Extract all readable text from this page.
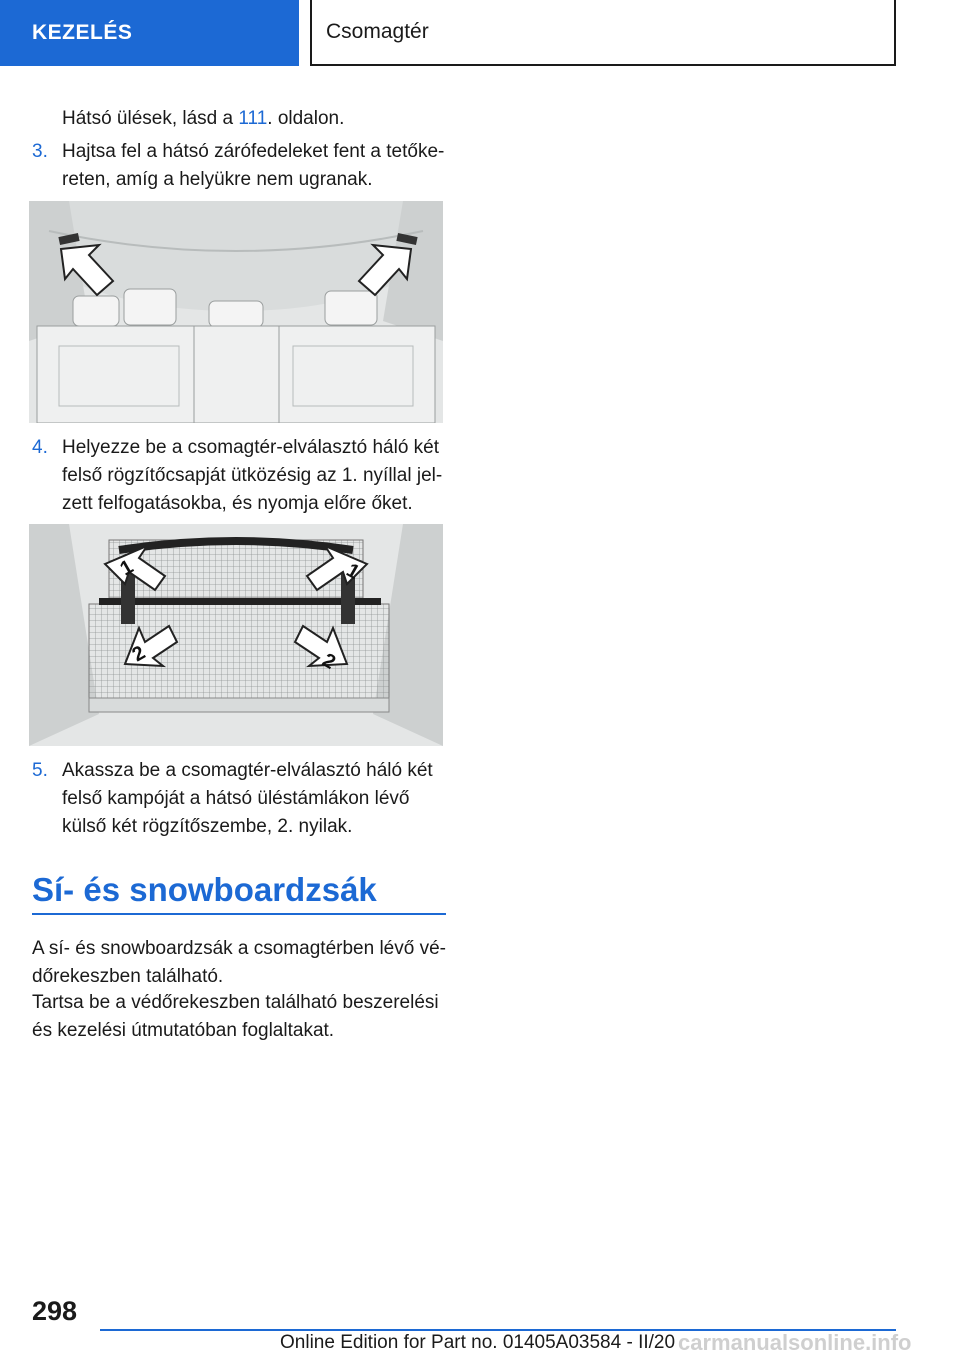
KEZELÉS	Csomagtér
Hátsó ülések, lásd a 111. oldalon.
3. Hajtsa fel a hátsó zárófedeleket fent a tetőke-
reten, amíg a helyükre nem ugranak.
4. Helyezze be a csomagtér-elválasztó háló két
felső rögzítőcsapját ütközésig az 1. nyíllal jel-
zett felfogatásokba, és nyomja előre őket.
1	1
2	2
5. Akassza be a csomagtér-elválasztó háló két
felső kampóját a hátsó üléstámlákon lévő
külső két rögzítőszembe, 2. nyilak.
Sí- és snowboardzsák
A sí- és snowboardzsák a csomagtérben lévő vé-
dőrekeszben található.
Tartsa be a védőrekeszben található beszerelési
és kezelési útmutatóban foglaltakat.
298
Online Edition for Part no. 01405A03584 - II/20 carmanualsonline.info
